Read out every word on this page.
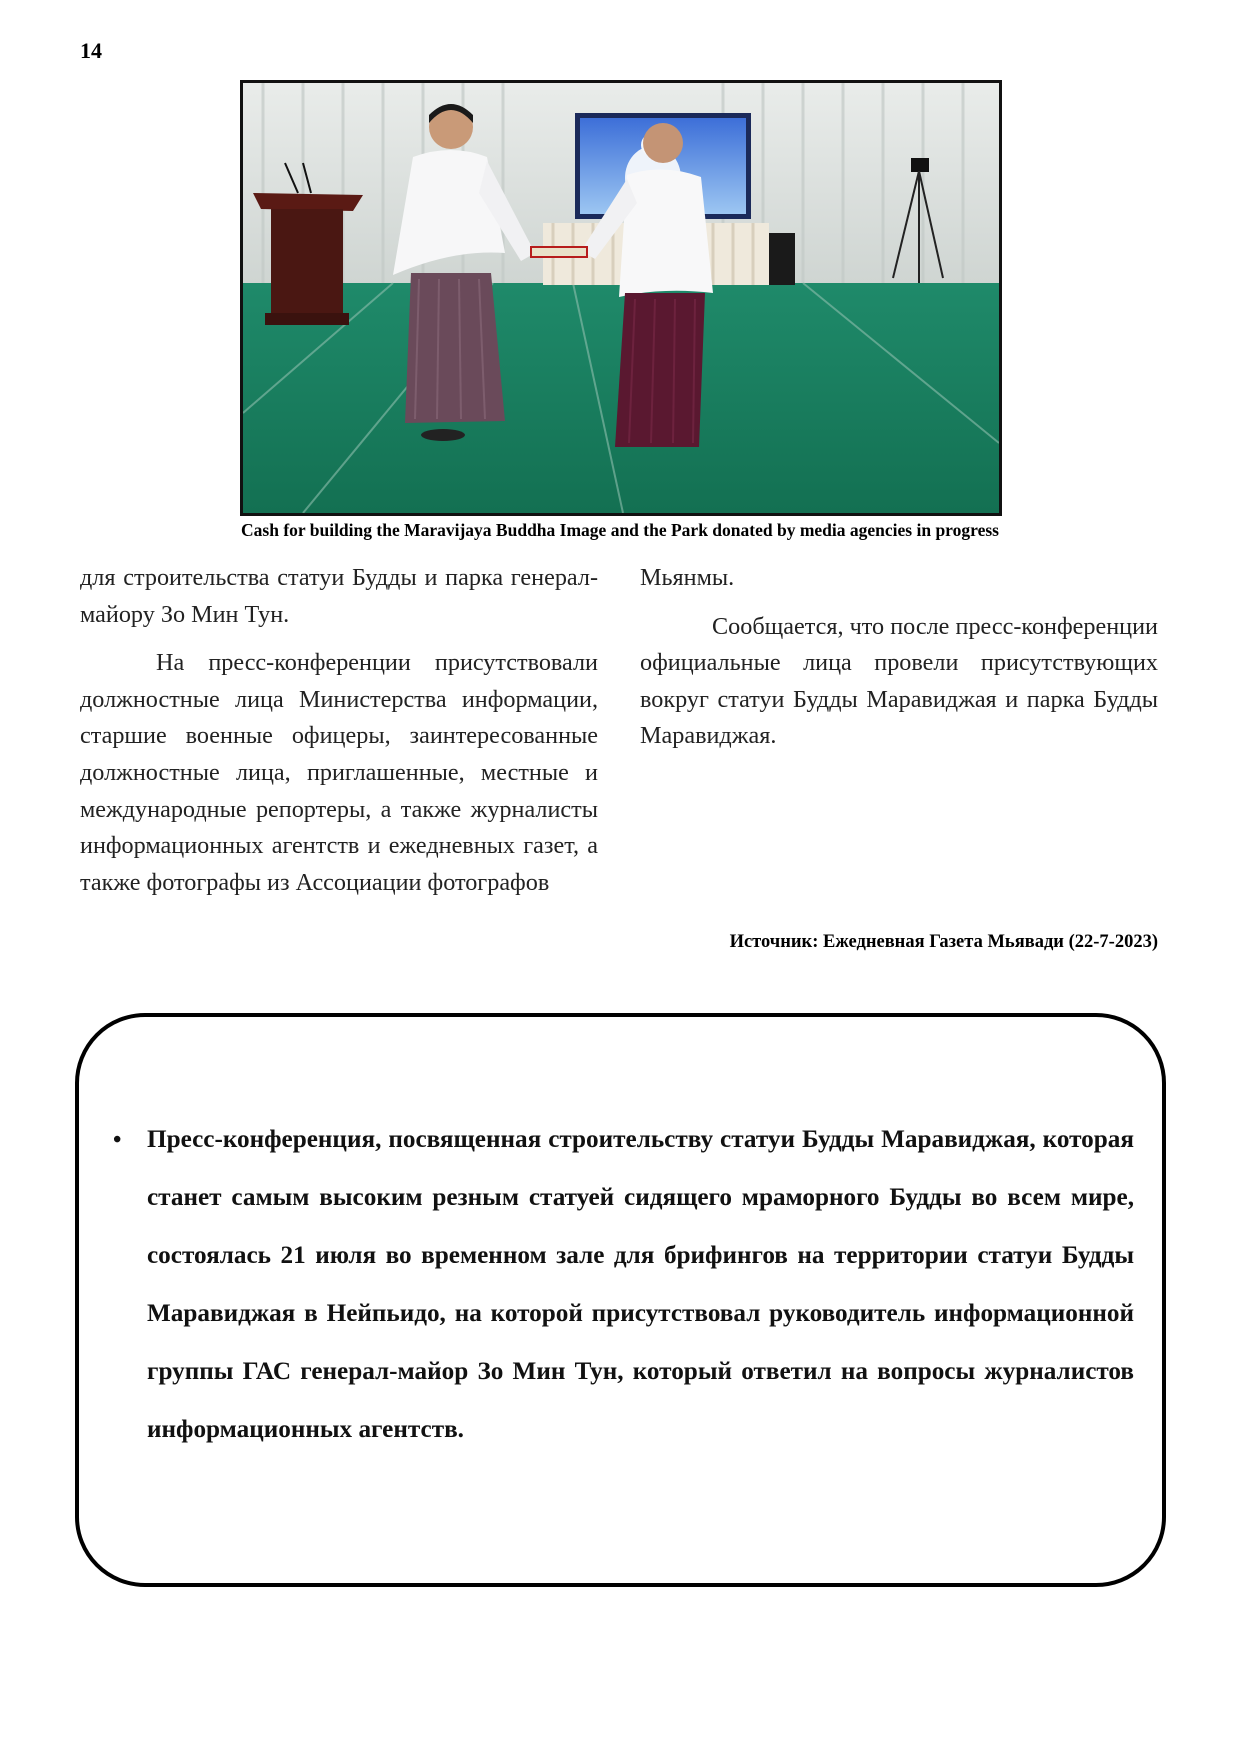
14
Cash for building the Maravijaya Buddha Image and the Park donated by media agencies in progress

для строительства статуи Будды и парка генерал-майору Зо Мин Тун.

На пресс-конференции присутствовали должностные лица Министерства информации, старшие военные офицеры, заинтересованные должностные лица, приглашенные, местные и международные репортеры, а также журналисты информационных агентств и ежедневных газет, а также фотографы из Ассоциации фотографов

Мьянмы.

Сообщается, что после пресс-конференции официальные лица провели присутствующих вокруг статуи Будды Маравиджая и парка Будды Маравиджая.

Источник: Ежедневная Газета Мьявади (22-7-2023)
• Пресс-конференция, посвященная строительству статуи Будды Маравиджая, которая станет самым высоким резным статуей сидящего мраморного Будды во всем мире, состоялась 21 июля во временном зале для брифингов на территории статуи Будды Маравиджая в Нейпьидо, на которой присутствовал руководитель информационной группы ГАС генерал-майор Зо Мин Тун, который ответил на вопросы журналистов информационных агентств.
